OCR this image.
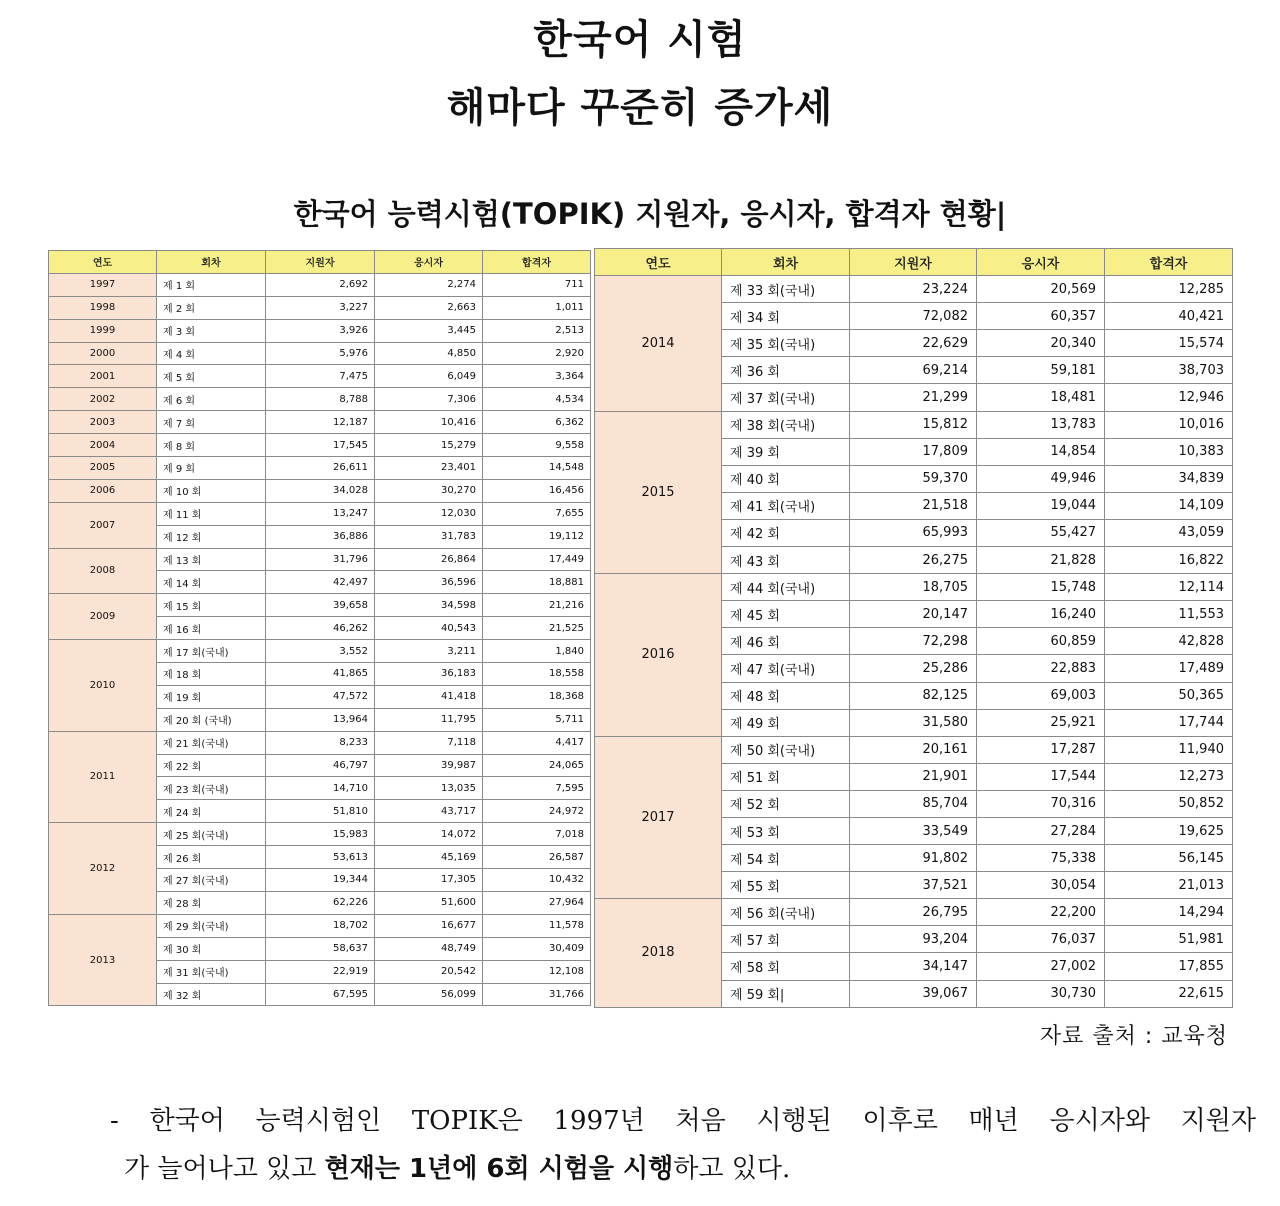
한국어 시험
해마다 꾸준히 증가세
한국어 능력시험(TOPIK) 지원자, 응시자, 합격자 현황|
연도	회차	지원자	응시자	합격자
1997	제 1 회	2,692	2,274	711
1998	제 2 회	3,227	2,663	1,011
1999	제 3 회	3,926	3,445	2,513
2000	제 4 회	5,976	4,850	2,920
2001	제 5 회	7,475	6,049	3,364
2002	제 6 회	8,788	7,306	4,534
2003	제 7 회	12,187	10,416	6,362
2004	제 8 회	17,545	15,279	9,558
2005	제 9 회	26,611	23,401	14,548
2006	제 10 회	34,028	30,270	16,456
2007	제 11 회	13,247	12,030	7,655
	제 12 회	36,886	31,783	19,112
2008	제 13 회	31,796	26,864	17,449
	제 14 회	42,497	36,596	18,881
2009	제 15 회	39,658	34,598	21,216
	제 16 회	46,262	40,543	21,525
2010	제 17 회(국내)	3,552	3,211	1,840
	제 18 회	41,865	36,183	18,558
	제 19 회	47,572	41,418	18,368
	제 20 회 (국내)	13,964	11,795	5,711
2011	제 21 회(국내)	8,233	7,118	4,417
	제 22 회	46,797	39,987	24,065
	제 23 회(국내)	14,710	13,035	7,595
	제 24 회	51,810	43,717	24,972
2012	제 25 회(국내)	15,983	14,072	7,018
	제 26 회	53,613	45,169	26,587
	제 27 회(국내)	19,344	17,305	10,432
	제 28 회	62,226	51,600	27,964
2013	제 29 회(국내)	18,702	16,677	11,578
	제 30 회	58,637	48,749	30,409
	제 31 회(국내)	22,919	20,542	12,108
	제 32 회	67,595	56,099	31,766
연도	회차	지원자	응시자	합격자
2014	제 33 회(국내)	23,224	20,569	12,285
	제 34 회	72,082	60,357	40,421
	제 35 회(국내)	22,629	20,340	15,574
	제 36 회	69,214	59,181	38,703
	제 37 회(국내)	21,299	18,481	12,946
2015	제 38 회(국내)	15,812	13,783	10,016
	제 39 회	17,809	14,854	10,383
	제 40 회	59,370	49,946	34,839
	제 41 회(국내)	21,518	19,044	14,109
	제 42 회	65,993	55,427	43,059
	제 43 회	26,275	21,828	16,822
2016	제 44 회(국내)	18,705	15,748	12,114
	제 45 회	20,147	16,240	11,553
	제 46 회	72,298	60,859	42,828
	제 47 회(국내)	25,286	22,883	17,489
	제 48 회	82,125	69,003	50,365
	제 49 회	31,580	25,921	17,744
2017	제 50 회(국내)	20,161	17,287	11,940
	제 51 회	21,901	17,544	12,273
	제 52 회	85,704	70,316	50,852
	제 53 회	33,549	27,284	19,625
	제 54 회	91,802	75,338	56,145
	제 55 회	37,521	30,054	21,013
2018	제 56 회(국내)	26,795	22,200	14,294
	제 57 회	93,204	76,037	51,981
	제 58 회	34,147	27,002	17,855
	제 59 회|	39,067	30,730	22,615
자료 출처 : 교육청
- 한국어 능력시험인 TOPIK은 1997년 처음 시행된 이후로 매년 응시자와 지원자
가 늘어나고 있고 현재는 1년에 6회 시험을 시행하고 있다.
